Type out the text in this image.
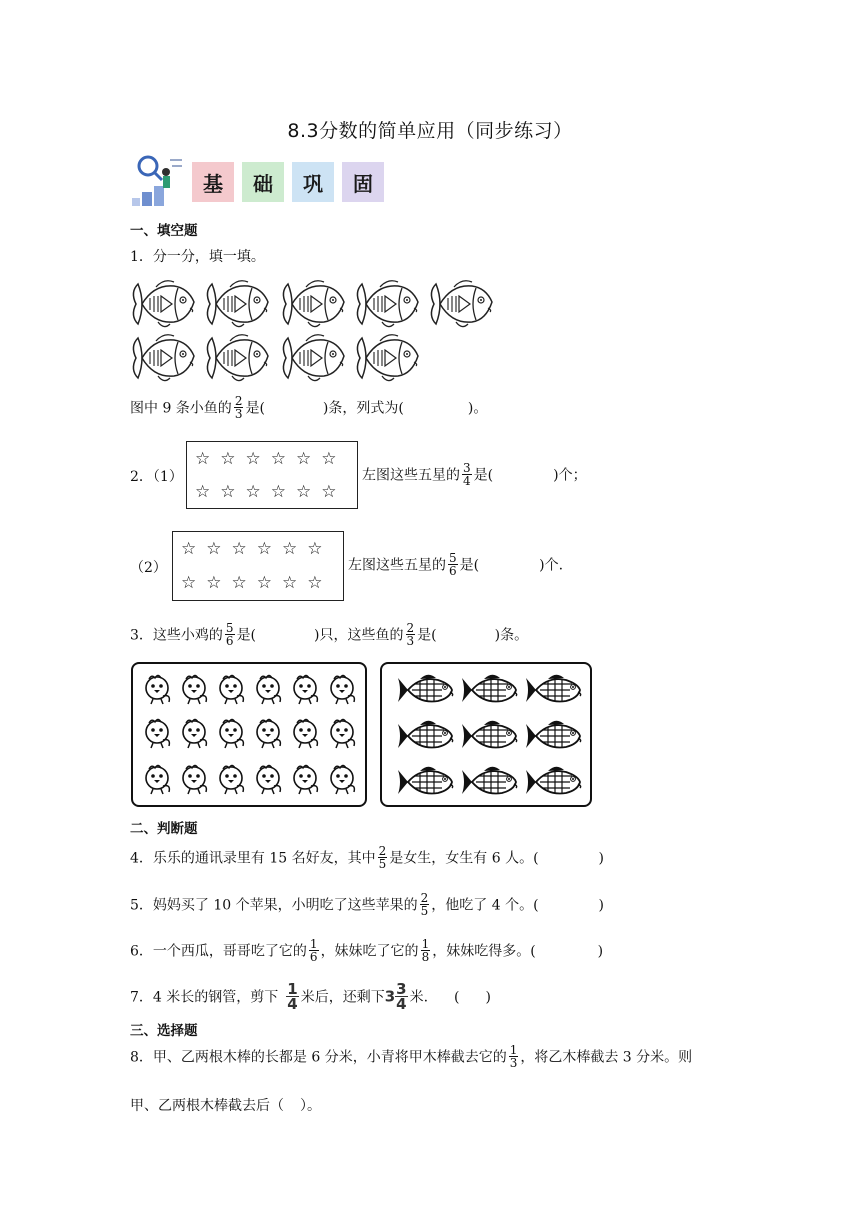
8.3分数的简单应用（同步练习）
基	础	巩	固
一、填空题
1．分一分，填一填。
图中 9 条小鱼的 $\frac{2}{3}$ 是(	)条，列式为(	)。
2．（1）
☆☆☆☆☆☆
☆☆☆☆☆☆
左图这些五星的 $\frac{3}{4}$ 是(	)个；
（2）
☆☆☆☆☆☆
☆☆☆☆☆☆
左图这些五星的 $\frac{5}{6}$ 是(	)个.
3．这些小鸡的 $\frac{5}{6}$ 是(	)只，这些鱼的 $\frac{2}{3}$ 是(	)条。
二、判断题
4．乐乐的通讯录里有 15 名好友，其中 $\frac{2}{5}$ 是女生，女生有 6 人。(	)
5．妈妈买了 10 个苹果，小明吃了这些苹果的 $\frac{2}{5}$ ，他吃了 4 个。(	)
6．一个西瓜，哥哥吃了它的 $\frac{1}{6}$ ，妹妹吃了它的 $\frac{1}{8}$ ，妹妹吃得多。(	)
7．4 米长的钢管，剪下 $\frac{1}{4}$ 米后，还剩下$3 \frac{3}{4}$ 米. ( )
三、选择题
8．甲、乙两根木棒的长都是 6 分米，小青将甲木棒截去它的 $\frac{1}{3}$ ，将乙木棒截去 3 分米。则
甲、乙两根木棒截去后（ ）。
